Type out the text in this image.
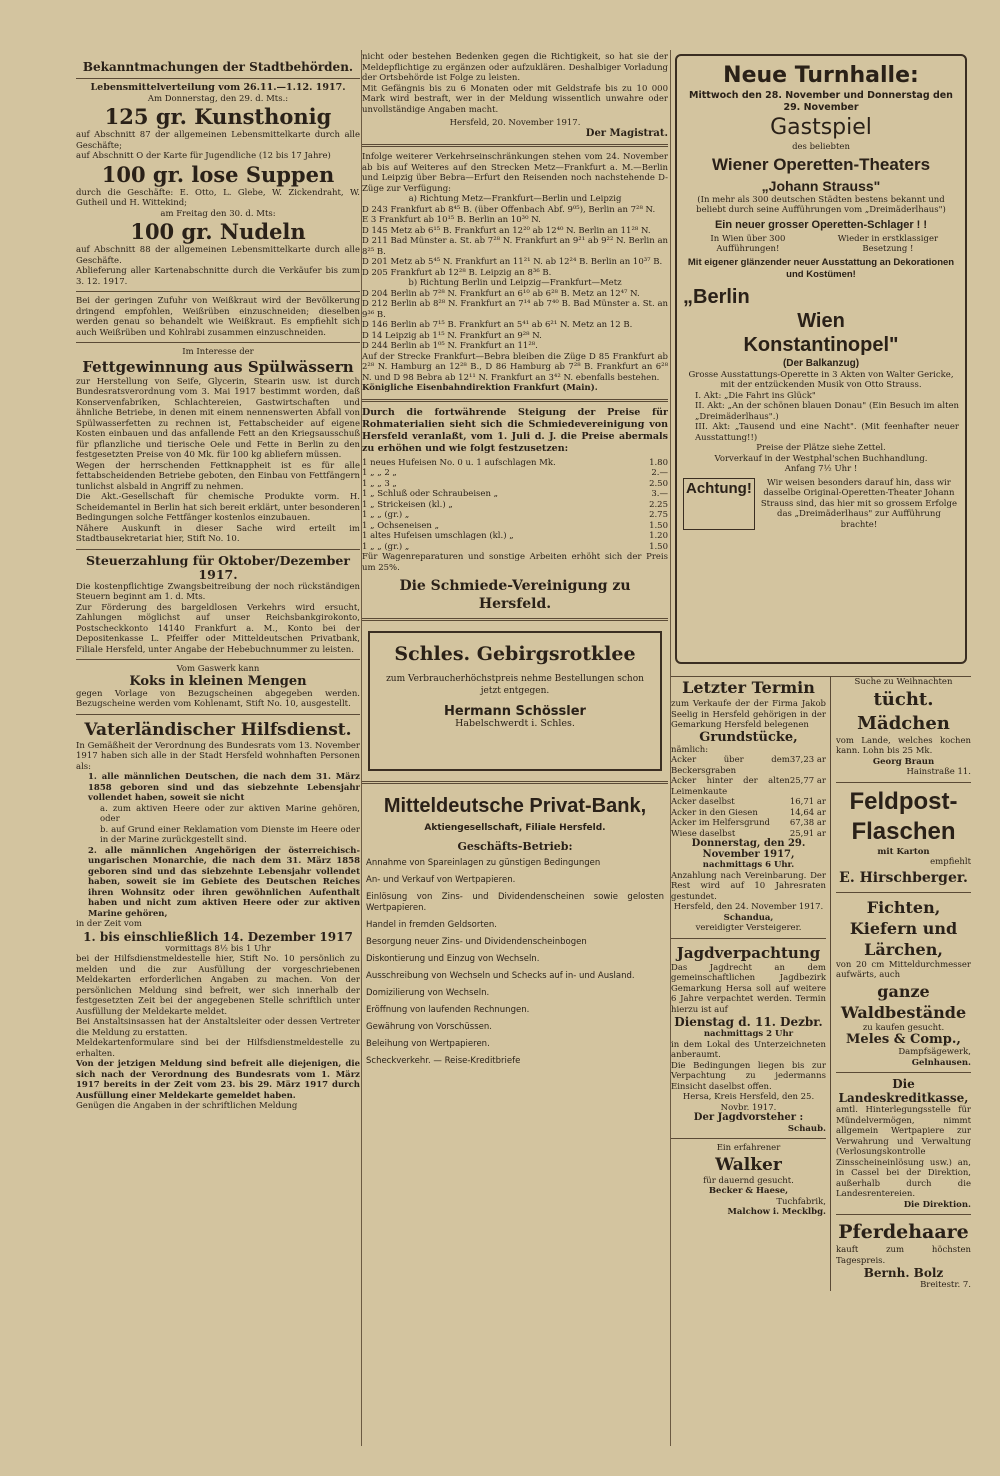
Bekanntmachungen der Stadtbehörden.

Lebensmittelverteilung vom 26.11.—1.12. 1917.

Am Donnerstag, den 29. d. Mts.:

125 gr. Kunsthonig

auf Abschnitt 87 der allgemeinen Lebensmittelkarte durch alle Geschäfte;

auf Abschnitt O der Karte für Jugendliche (12 bis 17 Jahre)

100 gr. lose Suppen

durch die Geschäfte: E. Otto, L. Glebe, W. Zickendraht, W. Gutheil und H. Wittekind;

am Freitag den 30. d. Mts:

100 gr. Nudeln

auf Abschnitt 88 der allgemeinen Lebensmittelkarte durch alle Geschäfte.

Ablieferung aller Kartenabschnitte durch die Verkäufer bis zum 3. 12. 1917.

Bei der geringen Zufuhr von Weißkraut wird der Bevölkerung dringend empfohlen, Weißrüben einzuschneiden; dieselben werden genau so behandelt wie Weißkraut. Es empfiehlt sich auch Weißrüben und Kohlrabi zusammen einzuschneiden.

Im Interesse der

Fettgewinnung aus Spülwässern

zur Herstellung von Seife, Glycerin, Stearin usw. ist durch Bundesratsverordnung vom 3. Mai 1917 bestimmt worden, daß Konservenfabriken, Schlachtereien, Gastwirtschaften und ähnliche Betriebe, in denen mit einem nennenswerten Abfall von Spülwasserfetten zu rechnen ist, Fettabscheider auf eigene Kosten einbauen und das anfallende Fett an den Kriegsausschuß für pflanzliche und tierische Oele und Fette in Berlin zu den festgesetzten Preise von 40 Mk. für 100 kg abliefern müssen.

Wegen der herrschenden Fettknappheit ist es für alle fettabscheidenden Betriebe geboten, den Einbau von Fettfängern tunlichst alsbald in Angriff zu nehmen.

Die Akt.-Gesellschaft für chemische Produkte vorm. H. Scheidemantel in Berlin hat sich bereit erklärt, unter besonderen Bedingungen solche Fettfänger kostenlos einzubauen.

Nähere Auskunft in dieser Sache wird erteilt im Stadtbausekretariat hier, Stift No. 10.

Steuerzahlung für Oktober/Dezember 1917.

Die kostenpflichtige Zwangsbeitreibung der noch rückständigen Steuern beginnt am 1. d. Mts.

Zur Förderung des bargeldlosen Verkehrs wird ersucht, Zahlungen möglichst auf unser Reichsbankgirokonto, Postscheckkonto 14140 Frankfurt a. M., Konto bei der Depositenkasse L. Pfeiffer oder Mitteldeutschen Privatbank, Filiale Hersfeld, unter Angabe der Hebebuchnummer zu leisten.

Vom Gaswerk kann

Koks in kleinen Mengen

gegen Vorlage von Bezugscheinen abgegeben werden. Bezugscheine werden vom Kohlenamt, Stift No. 10, ausgestellt.

Vaterländischer Hilfsdienst.

In Gemäßheit der Verordnung des Bundesrats vom 13. November 1917 haben sich alle in der Stadt Hersfeld wohnhaften Personen als:

1. alle männlichen Deutschen, die nach dem 31. März 1858 geboren sind und das siebzehnte Lebensjahr vollendet haben, soweit sie nicht

a. zum aktiven Heere oder zur aktiven Marine gehören, oder

b. auf Grund einer Reklamation vom Dienste im Heere oder in der Marine zurückgestellt sind.

2. alle männlichen Angehörigen der österreichisch-ungarischen Monarchie, die nach dem 31. März 1858 geboren sind und das siebzehnte Lebensjahr vollendet haben, soweit sie im Gebiete des Deutschen Reiches ihren Wohnsitz oder ihren gewöhnlichen Aufenthalt haben und nicht zum aktiven Heere oder zur aktiven Marine gehören,

in der Zeit vom

1. bis einschließlich 14. Dezember 1917

vormittags 8½ bis 1 Uhr

bei der Hilfsdienstmeldestelle hier, Stift No. 10 persönlich zu melden und die zur Ausfüllung der vorgeschriebenen Meldekarten erforderlichen Angaben zu machen. Von der persönlichen Meldung sind befreit, wer sich innerhalb der festgesetzten Zeit bei der angegebenen Stelle schriftlich unter Ausfüllung der Meldekarte meldet.

Bei Anstaltsinsassen hat der Anstaltsleiter oder dessen Vertreter die Meldung zu erstatten.

Meldekartenformulare sind bei der Hilfsdienstmeldestelle zu erhalten.

Von der jetzigen Meldung sind befreit alle diejenigen, die sich nach der Verordnung des Bundesrats vom 1. März 1917 bereits in der Zeit vom 23. bis 29. März 1917 durch Ausfüllung einer Meldekarte gemeldet haben.

Genügen die Angaben in der schriftlichen Meldung

nicht oder bestehen Bedenken gegen die Richtigkeit, so hat sie der Meldepflichtige zu ergänzen oder aufzuklären. Deshalbiger Vorladung der Ortsbehörde ist Folge zu leisten.

Mit Gefängnis bis zu 6 Monaten oder mit Geldstrafe bis zu 10 000 Mark wird bestraft, wer in der Meldung wissentlich unwahre oder unvollständige Angaben macht.

Hersfeld, 20. November 1917.

Der Magistrat.

Infolge weiterer Verkehrseinschränkungen stehen vom 24. November ab bis auf Weiteres auf den Strecken Metz—Frankfurt a. M.—Berlin und Leipzig über Bebra—Erfurt den Reisenden noch nachstehende D-Züge zur Verfügung:

a) Richtung Metz—Frankfurt—Berlin und Leipzig

D 243 Frankfurt ab 8⁴⁵ B. (über Offenbach Abf. 9⁰⁵), Berlin an 7²⁸ N.

E 3 Frankfurt ab 10¹⁵ B. Berlin an 10³⁰ N.

D 145 Metz ab 6¹⁵ B. Frankfurt an 12²⁰ ab 12⁴⁰ N. Berlin an 11²⁸ N.

D 211 Bad Münster a. St. ab 7²⁸ N. Frankfurt an 9²¹ ab 9²² N. Berlin an 8²⁵ B.

D 201 Metz ab 5⁴⁵ N. Frankfurt an 11²¹ N. ab 12²⁴ B. Berlin an 10³⁷ B.

D 205 Frankfurt ab 12²⁸ B. Leipzig an 8³⁶ B.

b) Richtung Berlin und Leipzig—Frankfurt—Metz

D 204 Berlin ab 7²⁸ N. Frankfurt an 6¹⁰ ab 6²⁸ B. Metz an 12⁴⁷ N.

D 212 Berlin ab 8²⁸ N. Frankfurt an 7¹⁴ ab 7⁴⁰ B. Bad Münster a. St. an 9³⁶ B.

D 146 Berlin ab 7¹⁵ B. Frankfurt an 5⁴¹ ab 6²¹ N. Metz an 12 B.

D 14 Leipzig ab 1¹⁵ N. Frankfurt an 9²⁸ N.

D 244 Berlin ab 1⁰⁵ N. Frankfurt an 11²⁸.

Auf der Strecke Frankfurt—Bebra bleiben die Züge D 85 Frankfurt ab 2²⁸ N. Hamburg an 12²⁸ B., D 86 Hamburg ab 7²⁸ B. Frankfurt an 6²⁸ N. und D 98 Bebra ab 12¹¹ N. Frankfurt an 3⁴² N. ebenfalls bestehen.

Königliche Eisenbahndirektion Frankfurt (Main).

Durch die fortwährende Steigung der Preise für Rohmaterialien sieht sich die Schmiedevereinigung von Hersfeld veranlaßt, vom 1. Juli d. J. die Preise abermals zu erhöhen und wie folgt festzusetzen:

1 neues Hufeisen No. 0 u. 1 aufschlagen Mk.	1.80
1 „ „ 2 „	2.—
1 „ „ 3 „	2.50
1 „ Schluß oder Schraubeisen „	3.—
1 „ Strickeisen (kl.) „	2.25
1 „ „ (gr.) „	2.75
1 „ Ochseneisen „	1.50
1 altes Hufeisen umschlagen (kl.) „	1.20
1 „ „ (gr.) „	1.50

Für Wagenreparaturen und sonstige Arbeiten erhöht sich der Preis um 25%.

Die Schmiede-Vereinigung zu Hersfeld.

Schles. Gebirgsrotklee

zum Verbraucherhöchstpreis nehme Bestellungen schon jetzt entgegen.

Hermann Schössler

Habelschwerdt i. Schles.

Mitteldeutsche Privat-Bank,

Aktiengesellschaft, Filiale Hersfeld.

Geschäfts-Betrieb:

Annahme von Spareinlagen zu günstigen Bedingungen

An- und Verkauf von Wertpapieren.

Einlösung von Zins- und Dividendenscheinen sowie gelosten Wertpapieren.

Handel in fremden Geldsorten.

Besorgung neuer Zins- und Dividendenscheinbogen

Diskontierung und Einzug von Wechseln.

Ausschreibung von Wechseln und Schecks auf in- und Ausland.

Domizilierung von Wechseln.

Eröffnung von laufenden Rechnungen.

Gewährung von Vorschüssen.

Beleihung von Wertpapieren.

Scheckverkehr. — Reise-Kreditbriefe

Neue Turnhalle:

Mittwoch den 28. November und Donnerstag den 29. November

Gastspiel

des beliebten

Wiener Operetten-Theaters

„Johann Strauss"

(In mehr als 300 deutschen Städten bestens bekannt und beliebt durch seine Aufführungen vom „Dreimäderlhaus")

Ein neuer grosser Operetten-Schlager ! !

In Wien über 300 Aufführungen!

Wieder in erstklassiger Besetzung !

Mit eigener glänzender neuer Ausstattung an Dekorationen und Kostümen!

„Berlin

Wien

Konstantinopel"

(Der Balkanzug)

Grosse Ausstattungs-Operette in 3 Akten von Walter Gericke, mit der entzückenden Musik von Otto Strauss.

I. Akt: „Die Fahrt ins Glück"

II. Akt: „An der schönen blauen Donau" (Ein Besuch im alten „Dreimäderlhaus".)

III. Akt: „Tausend und eine Nacht". (Mit feenhafter neuer Ausstattung!!)

Preise der Plätze siehe Zettel.

Vorverkauf in der Westphal'schen Buchhandlung.

Anfang 7½ Uhr !

Achtung!	Wir weisen besonders darauf hin, dass wir dasselbe Original-Operetten-Theater Johann Strauss sind, das hier mit so grossem Erfolge das „Dreimäderlhaus" zur Aufführung brachte!

Letzter Termin

zum Verkaufe der der Firma Jakob Seelig in Hersfeld gehörigen in der Gemarkung Hersfeld belegenen

Grundstücke,

nämlich:

Acker über dem Beckersgraben
37,23 ar
Acker hinter der alten Leimenkaute
25,77 ar
Acker daselbst	16,71 ar
Acker in den Giesen	14,64 ar
Acker im Helfersgrund 67,38 ar
Wiese daselbst	25,91 ar

Donnerstag, den 29. November 1917,

nachmittags 6 Uhr.

Anzahlung nach Vereinbarung. Der Rest wird auf 10 Jahresraten gestundet.

Hersfeld, den 24. November 1917.

Schandua,

vereidigter Versteigerer.

Jagdverpachtung

Das Jagdrecht an dem gemeinschaftlichen Jagdbezirk Gemarkung Hersa soll auf weitere 6 Jahre verpachtet werden. Termin hierzu ist auf

Dienstag d. 11. Dezbr.

nachmittags 2 Uhr

in dem Lokal des Unterzeichneten anberaumt.

Die Bedingungen liegen bis zur Verpachtung zu jedermanns Einsicht daselbst offen.

Hersa, Kreis Hersfeld, den 25. Novbr. 1917.

Der Jagdvorsteher :

Schaub.

Ein erfahrener

Walker

für dauernd gesucht.

Becker & Haese,

Tuchfabrik,

Malchow i. Mecklbg.

Suche zu Weihnachten

tücht. Mädchen

vom Lande, welches kochen kann. Lohn bis 25 Mk.

Georg Braun

Hainstraße 11.

Feldpost-Flaschen

mit Karton

empfiehlt

E. Hirschberger.

Fichten, Kiefern und Lärchen,

von 20 cm Mitteldurchmesser aufwärts, auch

ganze Waldbestände

zu kaufen gesucht.

Meles & Comp.,

Dampfsägewerk,

Gelnhausen.

Die Landeskreditkasse,

amtl. Hinterlegungsstelle für Mündelvermögen, nimmt allgemein Wertpapiere zur Verwahrung und Verwaltung (Verlosungskontrolle Zinsscheineinlösung usw.) an, in Cassel bei der Direktion, außerhalb durch die Landesrentereien.

Die Direktion.

Pferdehaare

kauft zum höchsten Tagespreis.

Bernh. Bolz

Breitestr. 7.
